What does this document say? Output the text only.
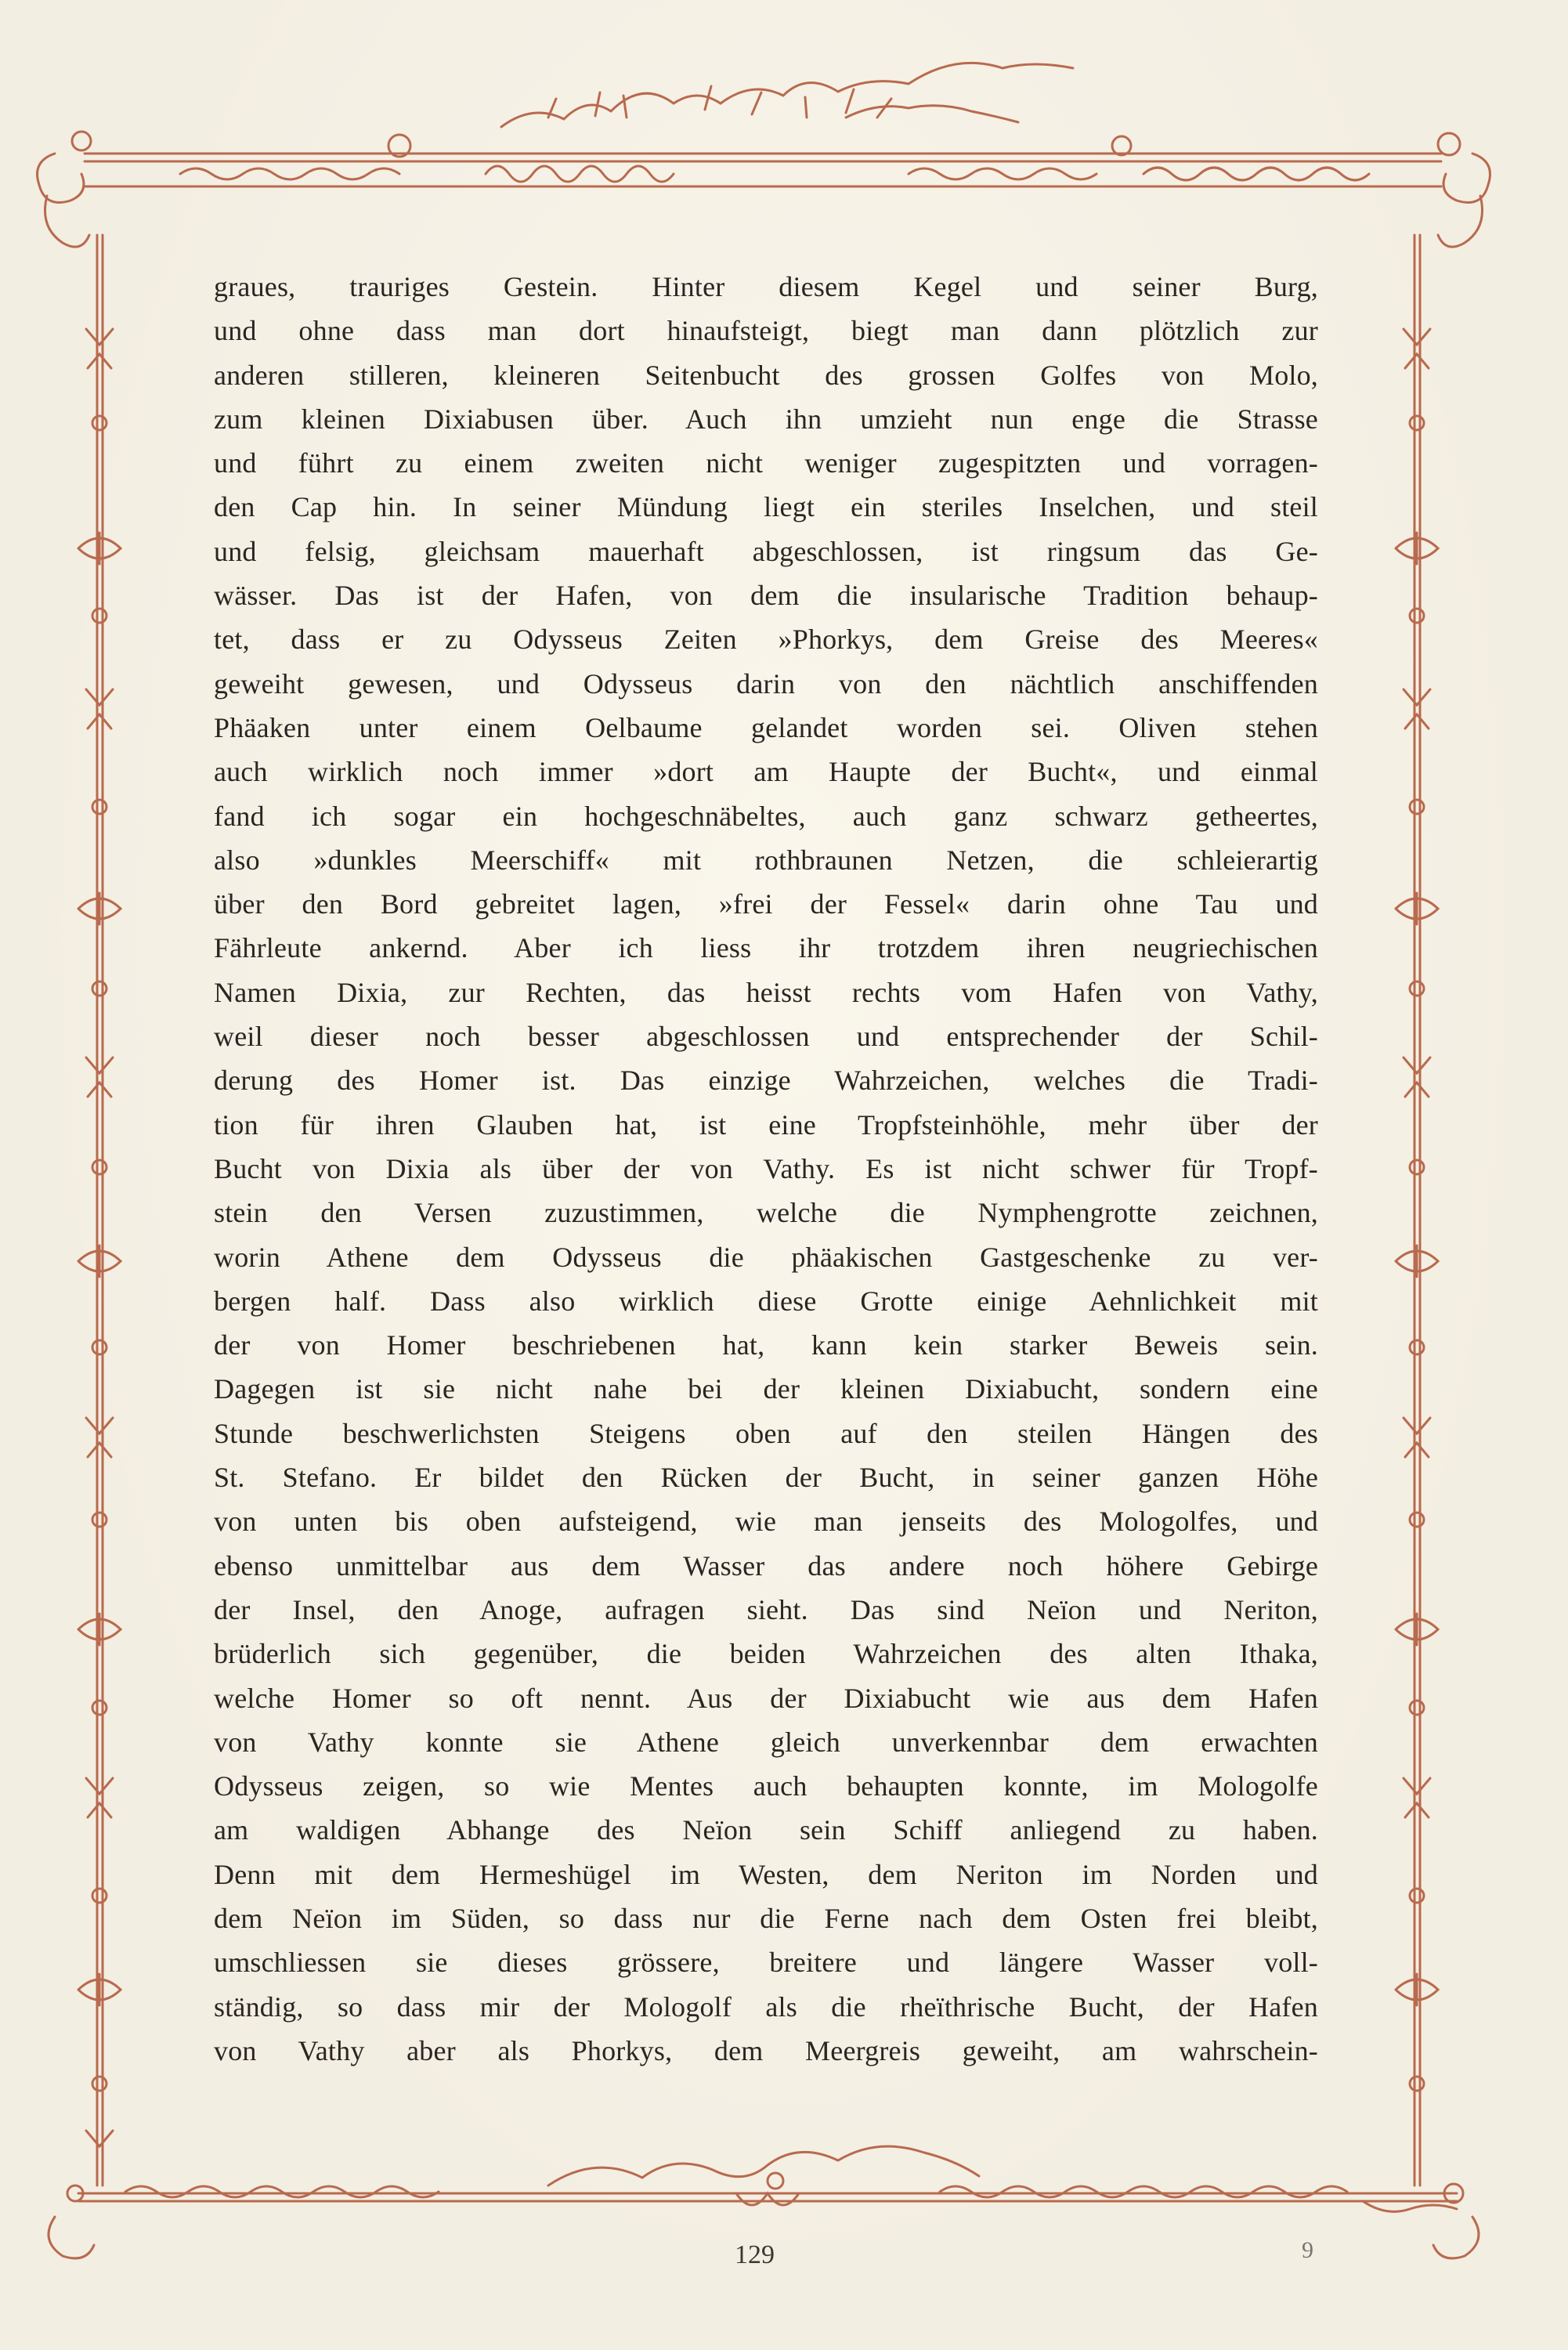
graues, trauriges Gestein. Hinter diesem Kegel und seiner Burg,
und ohne dass man dort hinaufsteigt, biegt man dann plötzlich zur
anderen stilleren, kleineren Seitenbucht des grossen Golfes von Molo,
zum kleinen Dixiabusen über. Auch ihn umzieht nun enge die Strasse
und führt zu einem zweiten nicht weniger zugespitzten und vorragen-
den Cap hin. In seiner Mündung liegt ein steriles Inselchen, und steil
und felsig, gleichsam mauerhaft abgeschlossen, ist ringsum das Ge-
wässer. Das ist der Hafen, von dem die insularische Tradition behaup-
tet, dass er zu Odysseus Zeiten »Phorkys, dem Greise des Meeres«
geweiht gewesen, und Odysseus darin von den nächtlich anschiffenden
Phäaken unter einem Oelbaume gelandet worden sei. Oliven stehen
auch wirklich noch immer »dort am Haupte der Bucht«, und einmal
fand ich sogar ein hochgeschnäbeltes, auch ganz schwarz getheertes,
also »dunkles Meerschiff« mit rothbraunen Netzen, die schleierartig
über den Bord gebreitet lagen, »frei der Fessel« darin ohne Tau und
Fährleute ankernd. Aber ich liess ihr trotzdem ihren neugriechischen
Namen Dixia, zur Rechten, das heisst rechts vom Hafen von Vathy,
weil dieser noch besser abgeschlossen und entsprechender der Schil-
derung des Homer ist. Das einzige Wahrzeichen, welches die Tradi-
tion für ihren Glauben hat, ist eine Tropfsteinhöhle, mehr über der
Bucht von Dixia als über der von Vathy. Es ist nicht schwer für Tropf-
stein den Versen zuzustimmen, welche die Nymphengrotte zeichnen,
worin Athene dem Odysseus die phäakischen Gastgeschenke zu ver-
bergen half. Dass also wirklich diese Grotte einige Aehnlichkeit mit
der von Homer beschriebenen hat, kann kein starker Beweis sein.
Dagegen ist sie nicht nahe bei der kleinen Dixiabucht, sondern eine
Stunde beschwerlichsten Steigens oben auf den steilen Hängen des
St. Stefano. Er bildet den Rücken der Bucht, in seiner ganzen Höhe
von unten bis oben aufsteigend, wie man jenseits des Mologolfes, und
ebenso unmittelbar aus dem Wasser das andere noch höhere Gebirge
der Insel, den Anoge, aufragen sieht. Das sind Neïon und Neriton,
brüderlich sich gegenüber, die beiden Wahrzeichen des alten Ithaka,
welche Homer so oft nennt. Aus der Dixiabucht wie aus dem Hafen
von Vathy konnte sie Athene gleich unverkennbar dem erwachten
Odysseus zeigen, so wie Mentes auch behaupten konnte, im Mologolfe
am waldigen Abhange des Neïon sein Schiff anliegend zu haben.
Denn mit dem Hermeshügel im Westen, dem Neriton im Norden und
dem Neïon im Süden, so dass nur die Ferne nach dem Osten frei bleibt,
umschliessen sie dieses grössere, breitere und längere Wasser voll-
ständig, so dass mir der Mologolf als die rheïthrische Bucht, der Hafen
von Vathy aber als Phorkys, dem Meergreis geweiht, am wahrschein-
129	9
